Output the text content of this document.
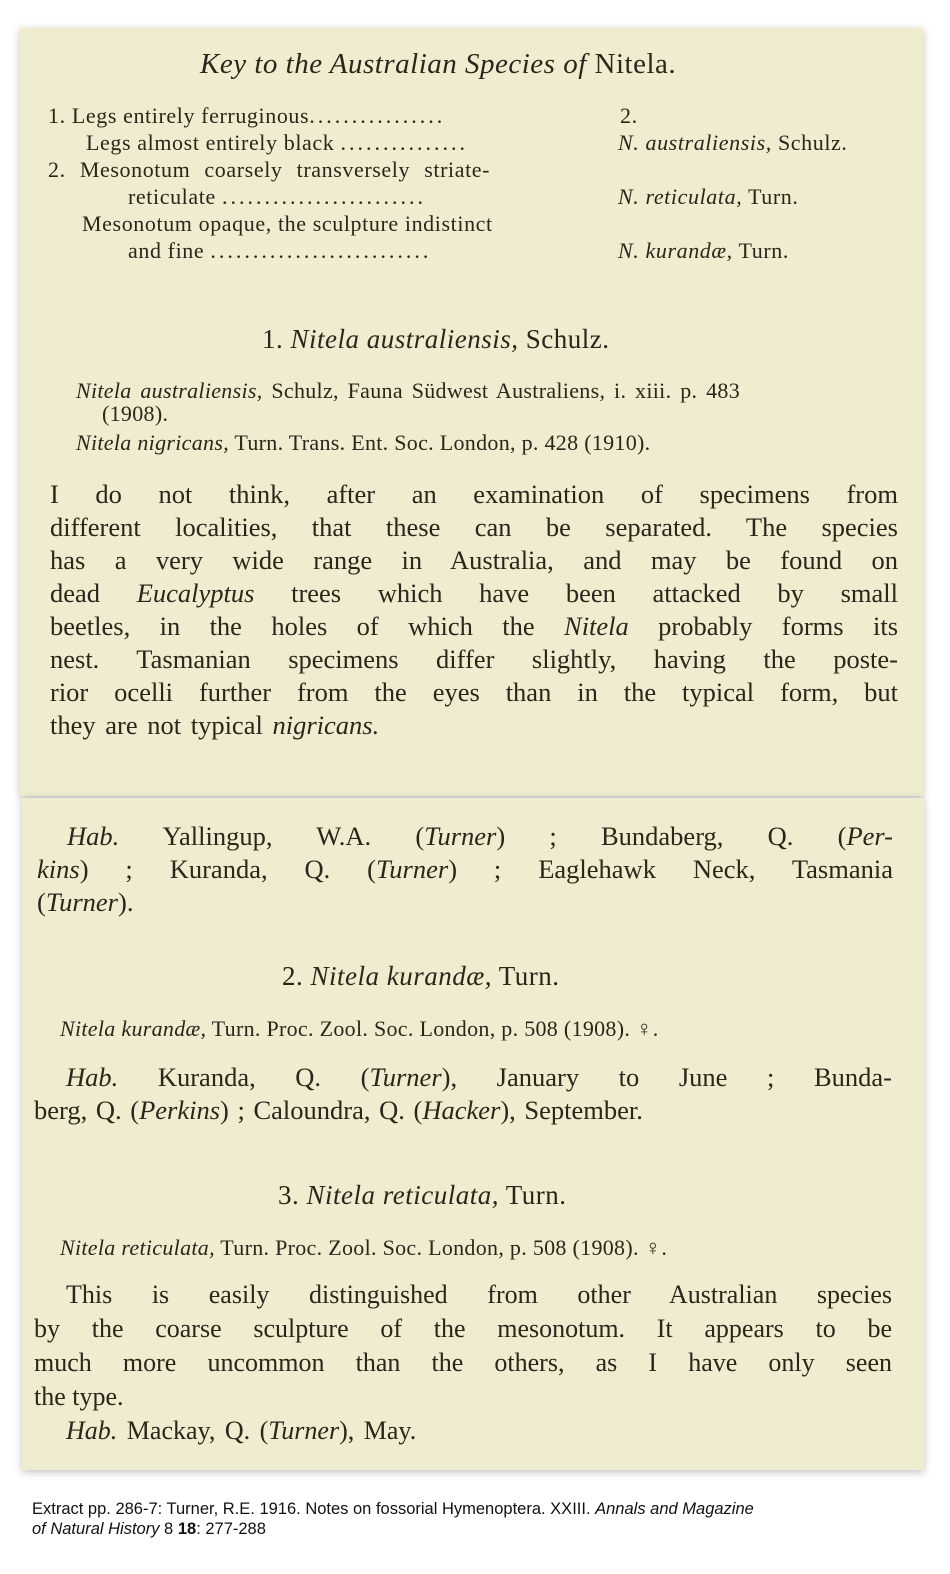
Key to the Australian Species of Nitela.
1. Legs entirely ferruginous................	2.
Legs almost entirely black ...............	N. australiensis, Schulz.
2. Mesonotum coarsely transversely striate-
reticulate ........................	N. reticulata, Turn.
Mesonotum opaque, the sculpture indistinct
and fine ..........................	N. kurandæ, Turn.
1. Nitela australiensis, Schulz.
Nitela australiensis, Schulz, Fauna Südwest Australiens, i. xiii. p. 483
(1908).
Nitela nigricans, Turn. Trans. Ent. Soc. London, p. 428 (1910).
I do not think, after an examination of specimens from
different localities, that these can be separated. The species
has a very wide range in Australia, and may be found on
dead Eucalyptus trees which have been attacked by small
beetles, in the holes of which the Nitela probably forms its
nest. Tasmanian specimens differ slightly, having the poste-
rior ocelli further from the eyes than in the typical form, but
they are not typical nigricans.
Hab. Yallingup, W.A. (Turner) ; Bundaberg, Q. (Per-
kins) ; Kuranda, Q. (Turner) ; Eaglehawk Neck, Tasmania
(Turner).
2. Nitela kurandæ, Turn.
Nitela kurandæ, Turn. Proc. Zool. Soc. London, p. 508 (1908). ♀.
Hab. Kuranda, Q. (Turner), January to June ; Bunda-
berg, Q. (Perkins) ; Caloundra, Q. (Hacker), September.
3. Nitela reticulata, Turn.
Nitela reticulata, Turn. Proc. Zool. Soc. London, p. 508 (1908). ♀.
This is easily distinguished from other Australian species
by the coarse sculpture of the mesonotum. It appears to be
much more uncommon than the others, as I have only seen
the type.
Hab. Mackay, Q. (Turner), May.
Extract pp. 286-7: Turner, R.E. 1916. Notes on fossorial Hymenoptera. XXIII. Annals and Magazine
of Natural History 8 18: 277-288
